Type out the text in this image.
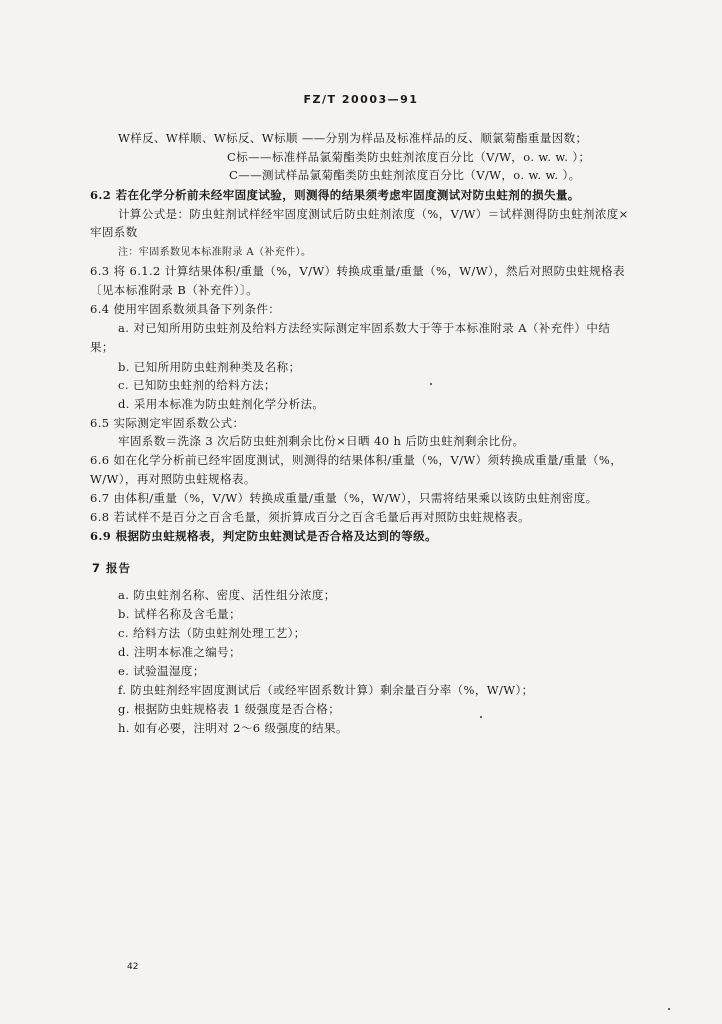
FZ/T 20003—91
W样反、W样顺、W标反、W标顺 ——分别为样品及标准样品的反、顺氯菊酯重量因数；
C标——标准样品氯菊酯类防虫蛀剂浓度百分比（V/W，o. w. w. ）；
C——测试样品氯菊酯类防虫蛀剂浓度百分比（V/W，o. w. w. ）。
6.2 若在化学分析前未经牢固度试验，则测得的结果须考虑牢固度测试对防虫蛀剂的损失量。
计算公式是：防虫蛀剂试样经牢固度测试后防虫蛀剂浓度（%，V/W）＝试样测得防虫蛀剂浓度×
牢固系数
注：牢固系数见本标准附录 A（补充件）。
6.3 将 6.1.2 计算结果体积/重量（%，V/W）转换成重量/重量（%，W/W），然后对照防虫蛀规格表
〔见本标准附录 B（补充件）〕。
6.4 使用牢固系数须具备下列条件：
a. 对已知所用防虫蛀剂及给料方法经实际测定牢固系数大于等于本标准附录 A（补充件）中结
果；
b. 已知所用防虫蛀剂种类及名称；
c. 已知防虫蛀剂的给料方法；
d. 采用本标准为防虫蛀剂化学分析法。
6.5 实际测定牢固系数公式：
牢固系数＝洗涤 3 次后防虫蛀剂剩余比份×日晒 40 h 后防虫蛀剂剩余比份。
6.6 如在化学分析前已经牢固度测试，则测得的结果体积/重量（%，V/W）须转换成重量/重量（%，
W/W），再对照防虫蛀规格表。
6.7 由体积/重量（%，V/W）转换成重量/重量（%，W/W），只需将结果乘以该防虫蛀剂密度。
6.8 若试样不是百分之百含毛量，须折算成百分之百含毛量后再对照防虫蛀规格表。
6.9 根据防虫蛀规格表，判定防虫蛀测试是否合格及达到的等级。
7 报告
a. 防虫蛀剂名称、密度、活性组分浓度；
b. 试样名称及含毛量；
c. 给料方法（防虫蛀剂处理工艺）；
d. 注明本标准之编号；
e. 试验温湿度；
f. 防虫蛀剂经牢固度测试后（或经牢固系数计算）剩余量百分率（%，W/W）；
g. 根据防虫蛀规格表 1 级强度是否合格；
h. 如有必要，注明对 2～6 级强度的结果。
42
